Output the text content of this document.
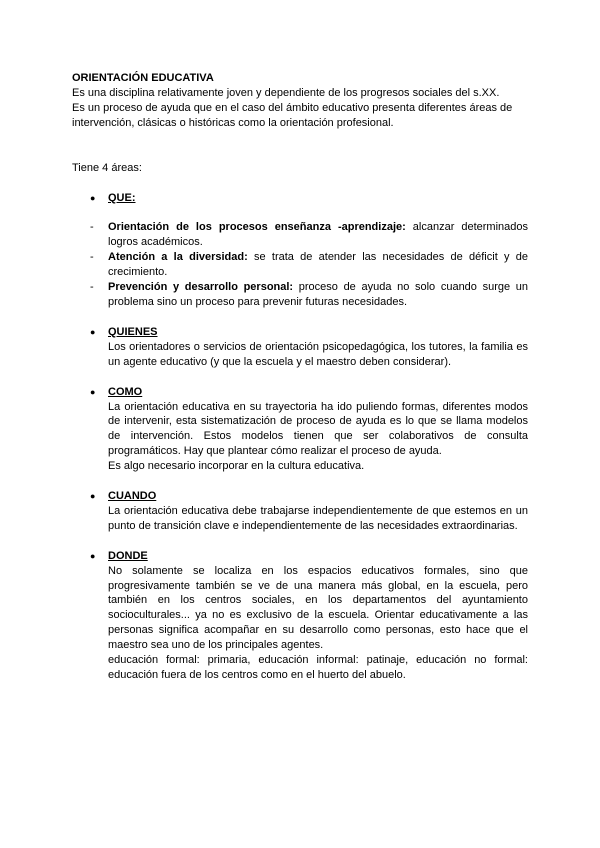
ORIENTACIÓN EDUCATIVA

Es una disciplina relativamente joven y dependiente de los progresos sociales del s.XX.

Es un proceso de ayuda que en el caso del ámbito educativo presenta diferentes áreas de intervención, clásicas o históricas como la orientación profesional.

Tiene 4 áreas:

● QUE:
- Orientación de los procesos enseñanza -aprendizaje: alcanzar determinados logros académicos.
- Atención a la diversidad: se trata de atender las necesidades de déficit y de crecimiento.
- Prevención y desarrollo personal: proceso de ayuda no solo cuando surge un problema sino un proceso para prevenir futuras necesidades.
● QUIENES
Los orientadores o servicios de orientación psicopedagógica, los tutores, la familia es un agente educativo (y que la escuela y el maestro deben considerar).
● COMO
La orientación educativa en su trayectoria ha ido puliendo formas, diferentes modos de intervenir, esta sistematización de proceso de ayuda es lo que se llama modelos de intervención. Estos modelos tienen que ser colaborativos de consulta programáticos. Hay que plantear cómo realizar el proceso de ayuda.
Es algo necesario incorporar en la cultura educativa.
● CUANDO
La orientación educativa debe trabajarse independientemente de que estemos en un punto de transición clave e independientemente de las necesidades extraordinarias.
● DONDE
No solamente se localiza en los espacios educativos formales, sino que progresivamente también se ve de una manera más global, en la escuela, pero también en los centros sociales, en los departamentos del ayuntamiento socioculturales... ya no es exclusivo de la escuela. Orientar educativamente a las personas significa acompañar en su desarrollo como personas, esto hace que el maestro sea uno de los principales agentes.
educación formal: primaria, educación informal: patinaje, educación no formal: educación fuera de los centros como en el huerto del abuelo.
